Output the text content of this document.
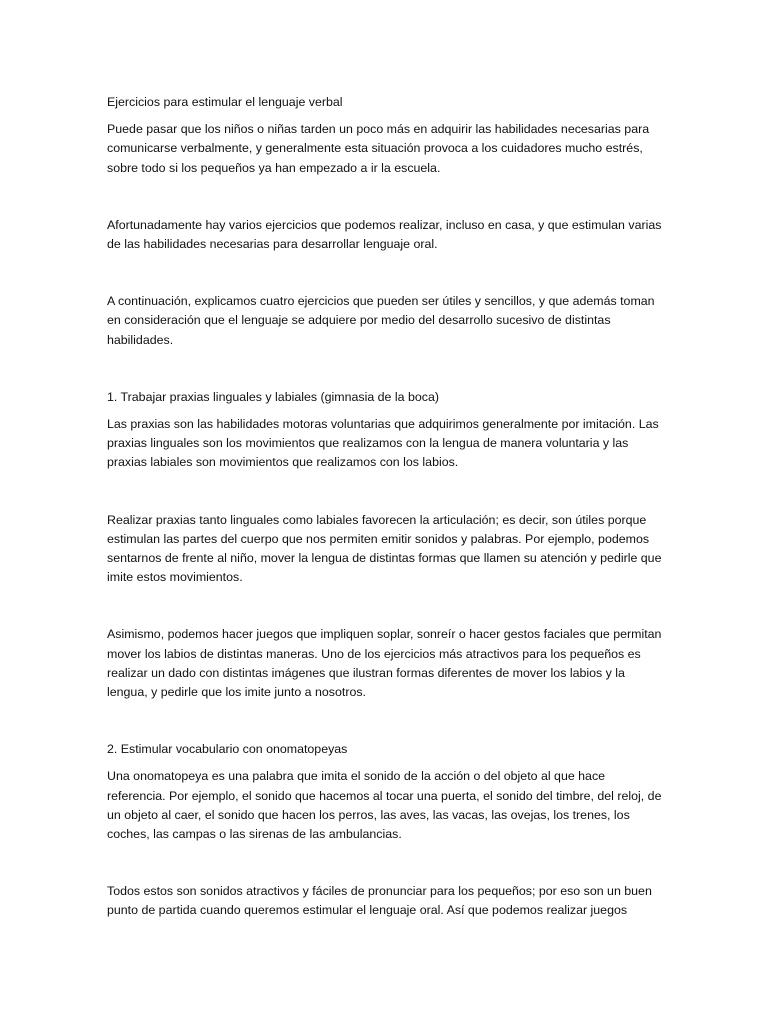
Ejercicios para estimular el lenguaje verbal

Puede pasar que los niños o niñas tarden un poco más en adquirir las habilidades necesarias para comunicarse verbalmente, y generalmente esta situación provoca a los cuidadores mucho estrés, sobre todo si los pequeños ya han empezado a ir la escuela.

Afortunadamente hay varios ejercicios que podemos realizar, incluso en casa, y que estimulan varias de las habilidades necesarias para desarrollar lenguaje oral.

A continuación, explicamos cuatro ejercicios que pueden ser útiles y sencillos, y que además toman en consideración que el lenguaje se adquiere por medio del desarrollo sucesivo de distintas habilidades.

1. Trabajar praxias linguales y labiales (gimnasia de la boca)

Las praxias son las habilidades motoras voluntarias que adquirimos generalmente por imitación. Las praxias linguales son los movimientos que realizamos con la lengua de manera voluntaria y las praxias labiales son movimientos que realizamos con los labios.

Realizar praxias tanto linguales como labiales favorecen la articulación; es decir, son útiles porque estimulan las partes del cuerpo que nos permiten emitir sonidos y palabras. Por ejemplo, podemos sentarnos de frente al niño, mover la lengua de distintas formas que llamen su atención y pedirle que imite estos movimientos.

Asimismo, podemos hacer juegos que impliquen soplar, sonreír o hacer gestos faciales que permitan mover los labios de distintas maneras. Uno de los ejercicios más atractivos para los pequeños es realizar un dado con distintas imágenes que ilustran formas diferentes de mover los labios y la lengua, y pedirle que los imite junto a nosotros.

2. Estimular vocabulario con onomatopeyas

Una onomatopeya es una palabra que imita el sonido de la acción o del objeto al que hace referencia. Por ejemplo, el sonido que hacemos al tocar una puerta, el sonido del timbre, del reloj, de un objeto al caer, el sonido que hacen los perros, las aves, las vacas, las ovejas, los trenes, los coches, las campas o las sirenas de las ambulancias.

Todos estos son sonidos atractivos y fáciles de pronunciar para los pequeños; por eso son un buen punto de partida cuando queremos estimular el lenguaje oral. Así que podemos realizar juegos
